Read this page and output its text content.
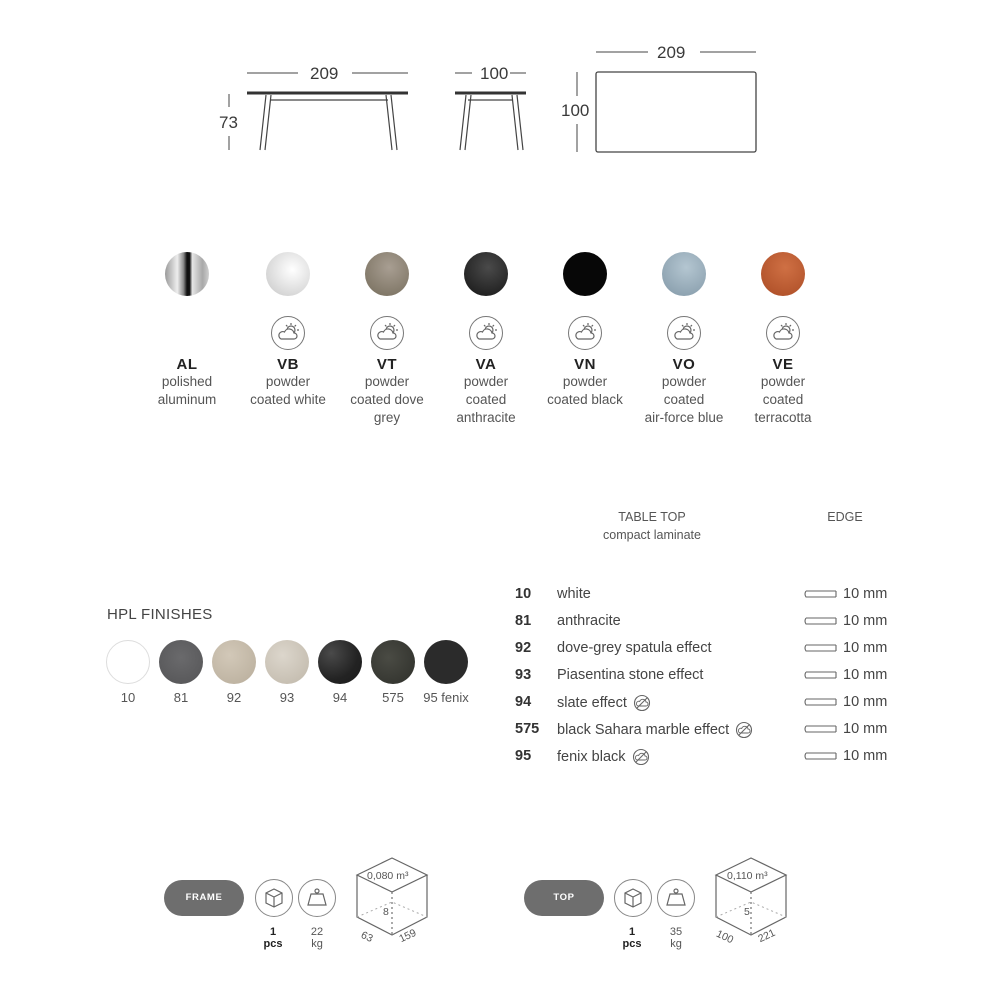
209
73
100
209
100
AL
polished
aluminum
VB
powder
coated white
VT
powder
coated dove
grey
VA
powder
coated
anthracite
VN
powder
coated black
VO
powder
coated
air-force blue
VE
powder
coated
terracotta
TABLE TOP
compact laminate
EDGE
10 white	10 mm
81 anthracite	10 mm
92 dove-grey spatula effect	10 mm
93 Piasentina stone effect	10 mm
94 slate effect	10 mm
575 black Sahara marble effect	10 mm
95 fenix black	10 mm
HPL FINISHES
10	81	92	93	94	575	95 fenix
FRAME
1
pcs
22
kg
0,080 m³
8
63 159
TOP
1
pcs
35
kg
0,110 m³
5
100 221
